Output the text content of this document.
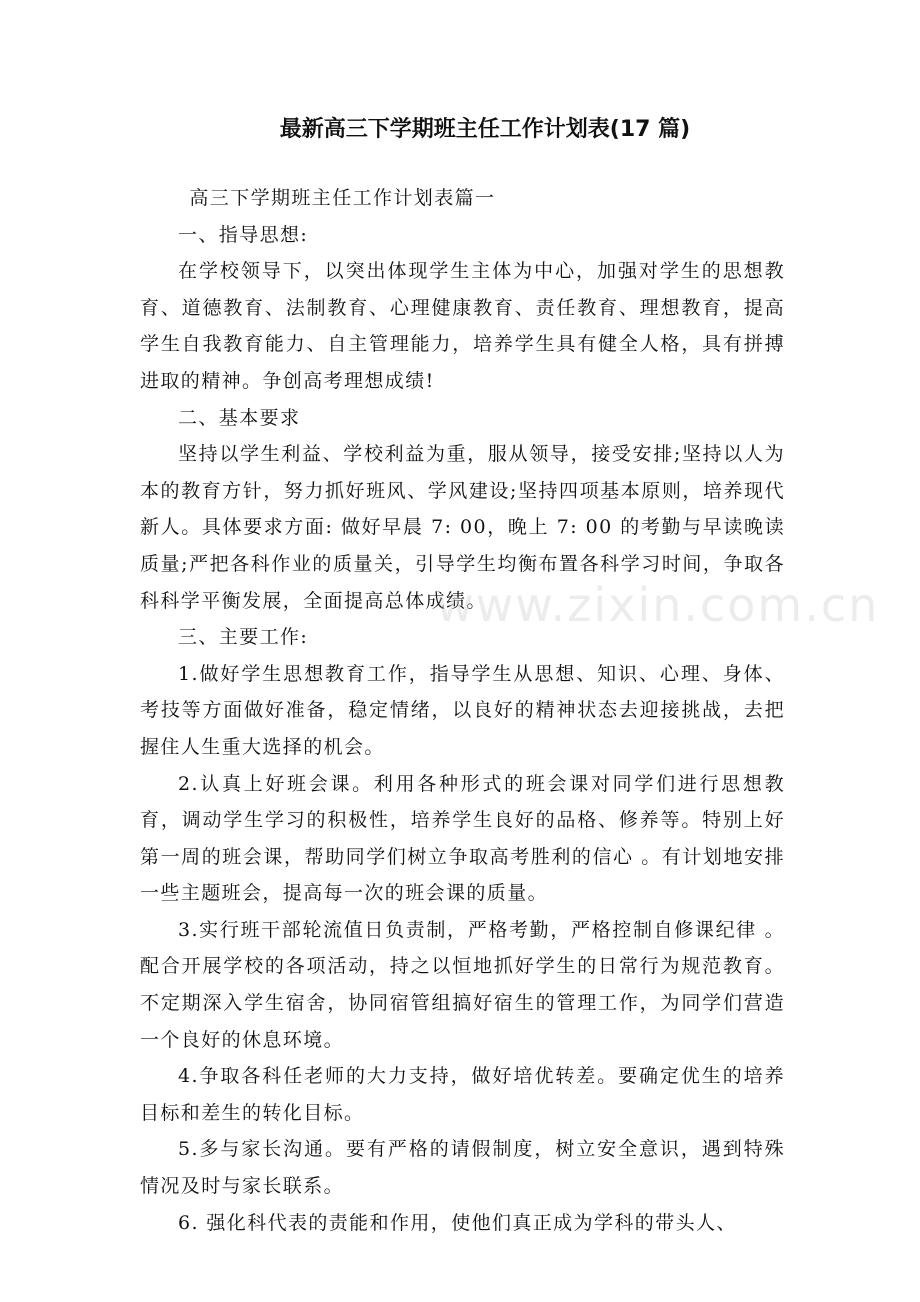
最新高三下学期班主任工作计划表(17 篇)

高三下学期班主任工作计划表篇一

一、指导思想:

在学校领导下，以突出体现学生主体为中心，加强对学生的思想教育、道德教育、法制教育、心理健康教育、责任教育、理想教育，提高学生自我教育能力、自主管理能力，培养学生具有健全人格，具有拼搏进取的精神。争创高考理想成绩!

二、基本要求

坚持以学生利益、学校利益为重，服从领导，接受安排;坚持以人为本的教育方针，努力抓好班风、学风建设;坚持四项基本原则，培养现代新人。具体要求方面: 做好早晨 7: 00，晚上 7: 00 的考勤与早读晚读质量;严把各科作业的质量关，引导学生均衡布置各科学习时间，争取各科科学平衡发展，全面提高总体成绩。

三、主要工作:

1.做好学生思想教育工作，指导学生从思想、知识、心理、身体、考技等方面做好准备，稳定情绪，以良好的精神状态去迎接挑战，去把握住人生重大选择的机会。

2.认真上好班会课。利用各种形式的班会课对同学们进行思想教育，调动学生学习的积极性，培养学生良好的品格、修养等。特别上好第一周的班会课，帮助同学们树立争取高考胜利的信心 。有计划地安排一些主题班会，提高每一次的班会课的质量。

3.实行班干部轮流值日负责制，严格考勤，严格控制自修课纪律 。配合开展学校的各项活动，持之以恒地抓好学生的日常行为规范教育。不定期深入学生宿舍，协同宿管组搞好宿生的管理工作，为同学们营造一个良好的休息环境。

4.争取各科任老师的大力支持，做好培优转差。要确定优生的培养目标和差生的转化目标。

5.多与家长沟通。要有严格的请假制度，树立安全意识，遇到特殊情况及时与家长联系。

6. 强化科代表的责能和作用，使他们真正成为学科的带头人、

www.zixin.com.cn
